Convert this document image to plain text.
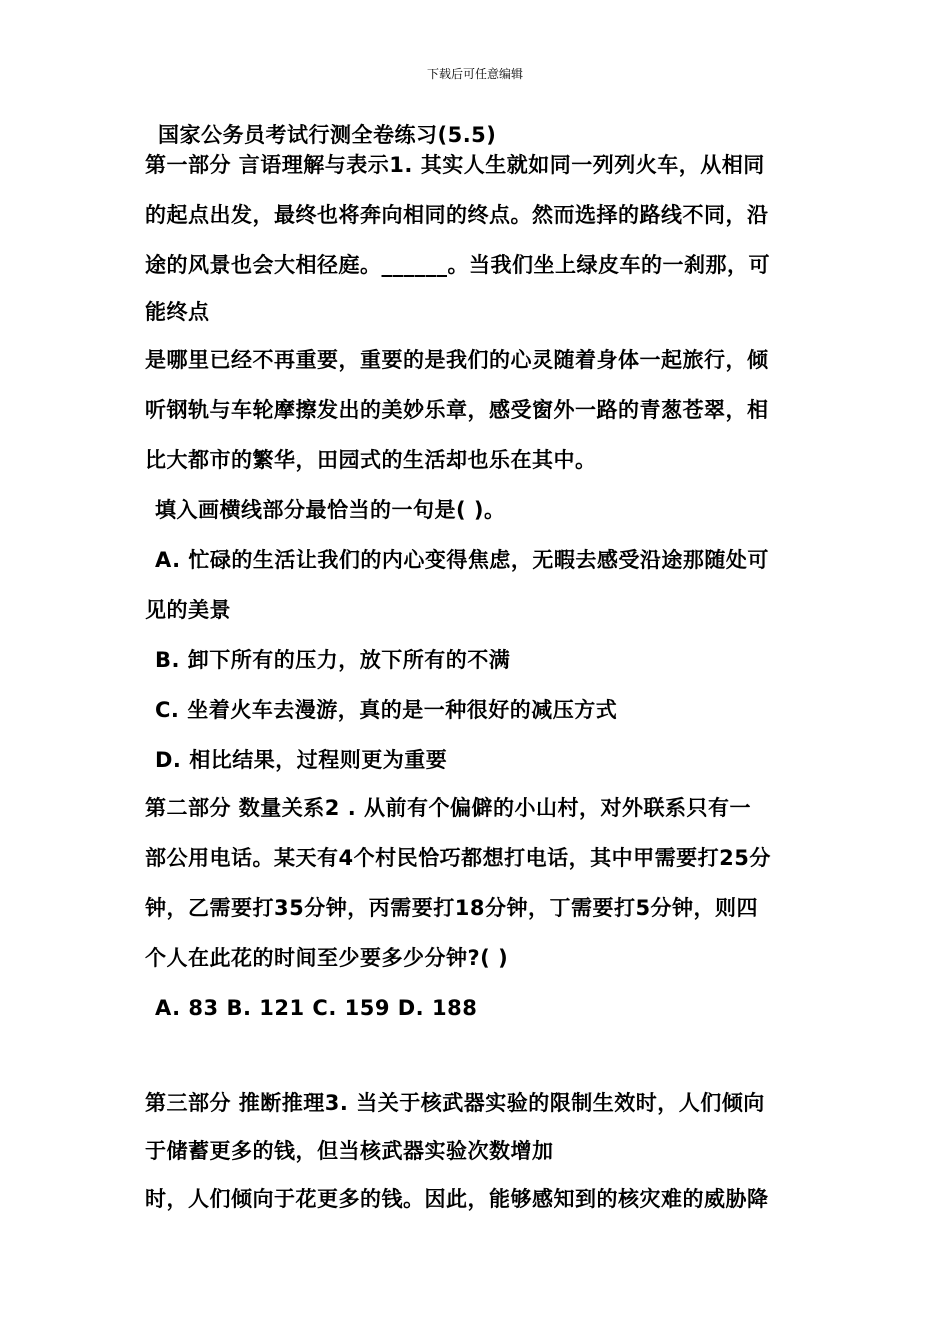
下载后可任意编辑
国家公务员考试行测全卷练习(5.5)
第一部分 言语理解与表示1. 其实人生就如同一列列火车，从相同
的起点出发，最终也将奔向相同的终点。然而选择的路线不同，沿
途的风景也会大相径庭。______。当我们坐上绿皮车的一刹那，可
能终点
是哪里已经不再重要，重要的是我们的心灵随着身体一起旅行，倾
听钢轨与车轮摩擦发出的美妙乐章，感受窗外一路的青葱苍翠，相
比大都市的繁华，田园式的生活却也乐在其中。
填入画横线部分最恰当的一句是( )。
A. 忙碌的生活让我们的内心变得焦虑，无暇去感受沿途那随处可
见的美景
B. 卸下所有的压力，放下所有的不满
C. 坐着火车去漫游，真的是一种很好的减压方式
D. 相比结果，过程则更为重要
第二部分 数量关系2 . 从前有个偏僻的小山村，对外联系只有一
部公用电话。某天有4个村民恰巧都想打电话，其中甲需要打25分
钟，乙需要打35分钟，丙需要打18分钟，丁需要打5分钟，则四
个人在此花的时间至少要多少分钟?( )
A. 83 B. 121 C. 159 D. 188
第三部分 推断推理3. 当关于核武器实验的限制生效时，人们倾向
于储蓄更多的钱，但当核武器实验次数增加
时，人们倾向于花更多的钱。因此，能够感知到的核灾难的威胁降
